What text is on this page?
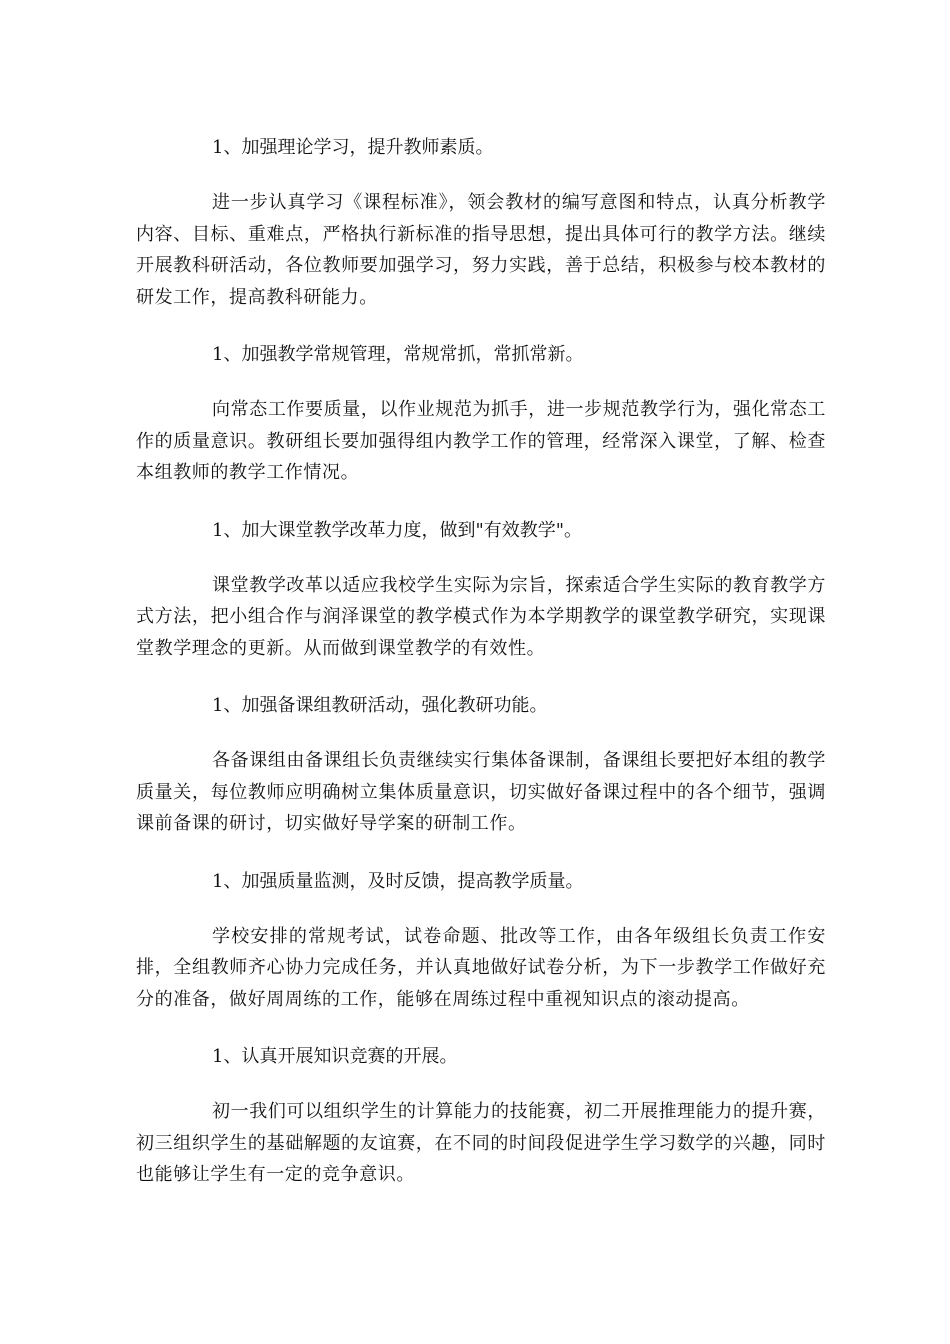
1、加强理论学习，提升教师素质。

进一步认真学习《课程标准》，领会教材的编写意图和特点，认真分析教学内容、目标、重难点，严格执行新标准的指导思想，提出具体可行的教学方法。继续开展教科研活动，各位教师要加强学习，努力实践，善于总结，积极参与校本教材的研发工作，提高教科研能力。

1、加强教学常规管理，常规常抓，常抓常新。

向常态工作要质量，以作业规范为抓手，进一步规范教学行为，强化常态工作的质量意识。教研组长要加强得组内教学工作的管理，经常深入课堂，了解、检查本组教师的教学工作情况。

1、加大课堂教学改革力度，做到"有效教学"。

课堂教学改革以适应我校学生实际为宗旨，探索适合学生实际的教育教学方式方法，把小组合作与润泽课堂的教学模式作为本学期教学的课堂教学研究，实现课堂教学理念的更新。从而做到课堂教学的有效性。

1、加强备课组教研活动，强化教研功能。

各备课组由备课组长负责继续实行集体备课制，备课组长要把好本组的教学质量关，每位教师应明确树立集体质量意识，切实做好备课过程中的各个细节，强调课前备课的研讨，切实做好导学案的研制工作。

1、加强质量监测，及时反馈，提高教学质量。

学校安排的常规考试，试卷命题、批改等工作，由各年级组长负责工作安排，全组教师齐心协力完成任务，并认真地做好试卷分析，为下一步教学工作做好充分的准备，做好周周练的工作，能够在周练过程中重视知识点的滚动提高。

1、认真开展知识竞赛的开展。

初一我们可以组织学生的计算能力的技能赛，初二开展推理能力的提升赛，初三组织学生的基础解题的友谊赛，在不同的时间段促进学生学习数学的兴趣，同时也能够让学生有一定的竞争意识。
